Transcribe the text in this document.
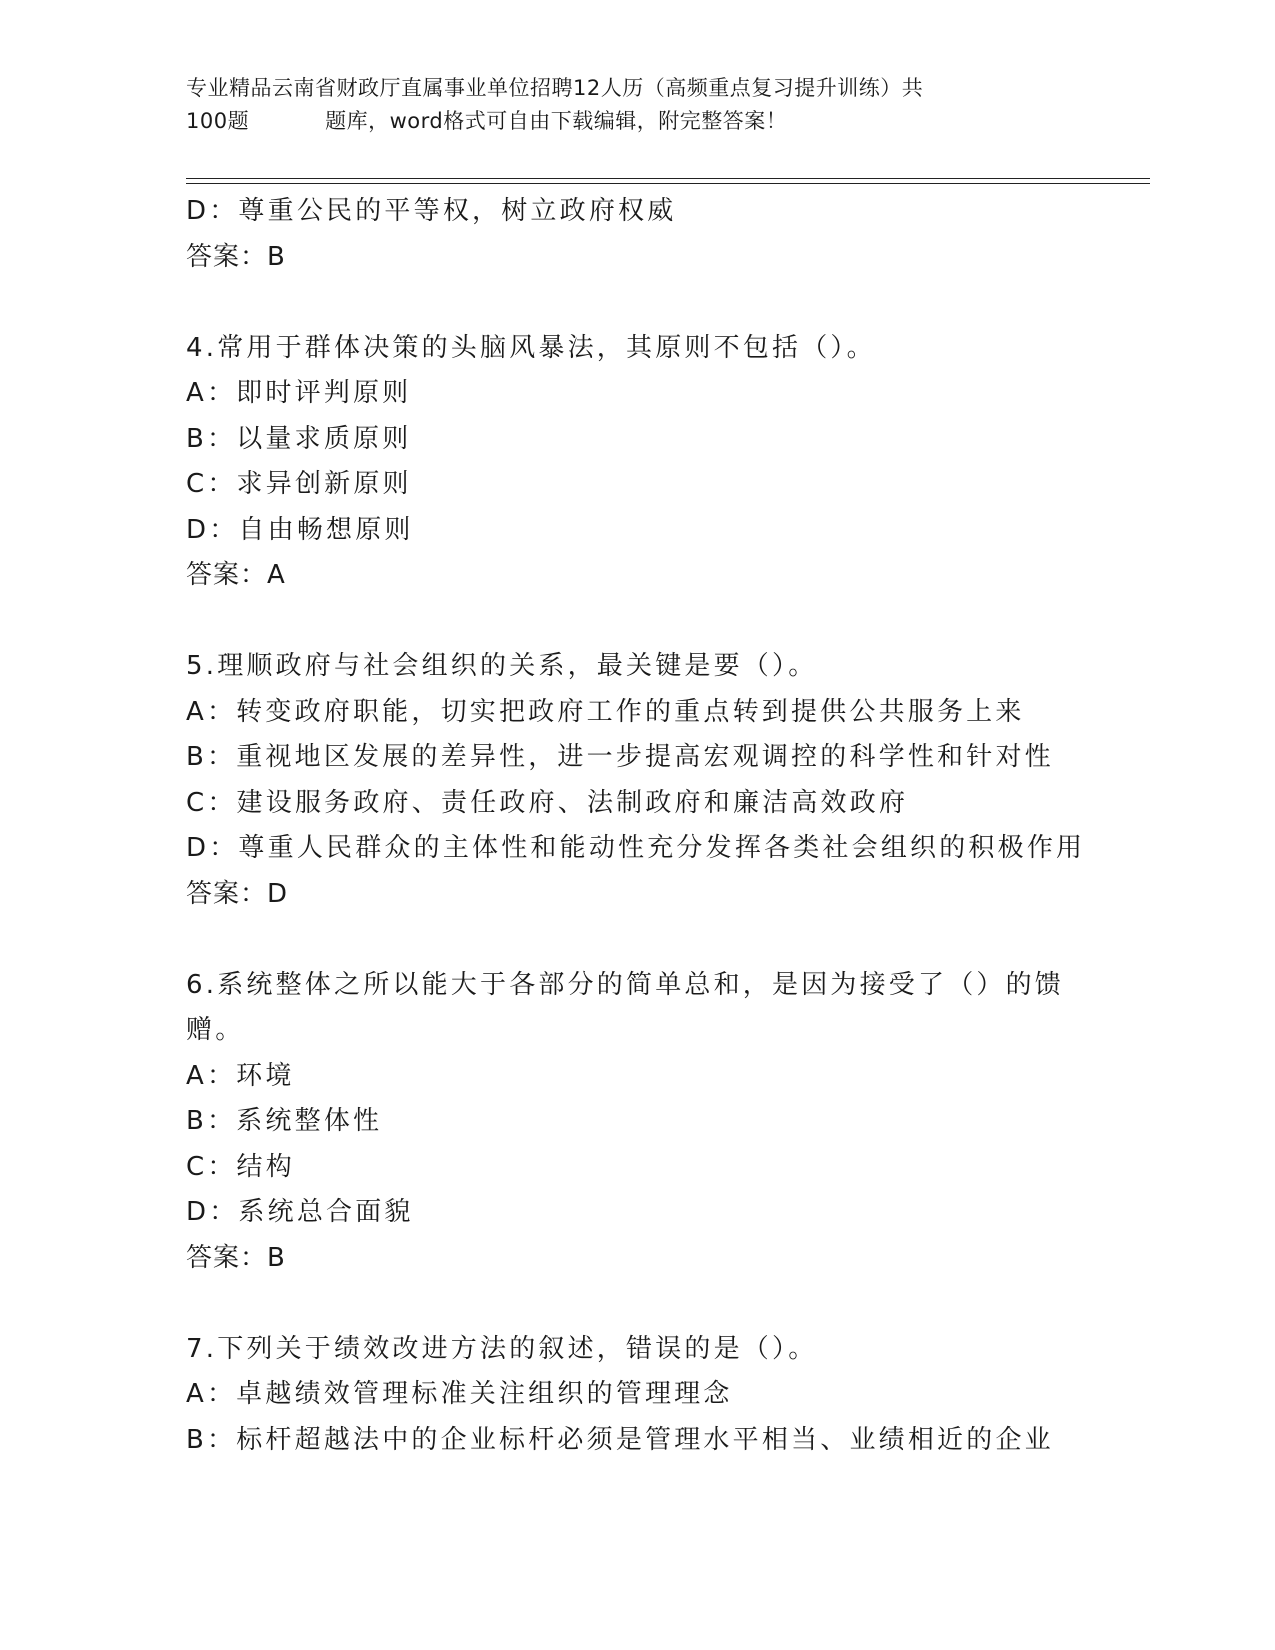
专业精品云南省财政厅直属事业单位招聘12人历（高频重点复习提升训练）共
100题	题库，word格式可自由下载编辑，附完整答案！
D：尊重公民的平等权，树立政府权威
答案：B
4.常用于群体决策的头脑风暴法，其原则不包括（）。
A：即时评判原则
B：以量求质原则
C：求异创新原则
D：自由畅想原则
答案：A
5.理顺政府与社会组织的关系，最关键是要（）。
A：转变政府职能，切实把政府工作的重点转到提供公共服务上来
B：重视地区发展的差异性，进一步提高宏观调控的科学性和针对性
C：建设服务政府、责任政府、法制政府和廉洁高效政府
D：尊重人民群众的主体性和能动性充分发挥各类社会组织的积极作用
答案：D
6.系统整体之所以能大于各部分的简单总和，是因为接受了（）的馈
赠。
A：环境
B：系统整体性
C：结构
D：系统总合面貌
答案：B
7.下列关于绩效改进方法的叙述，错误的是（）。
A：卓越绩效管理标准关注组织的管理理念
B：标杆超越法中的企业标杆必须是管理水平相当、业绩相近的企业
